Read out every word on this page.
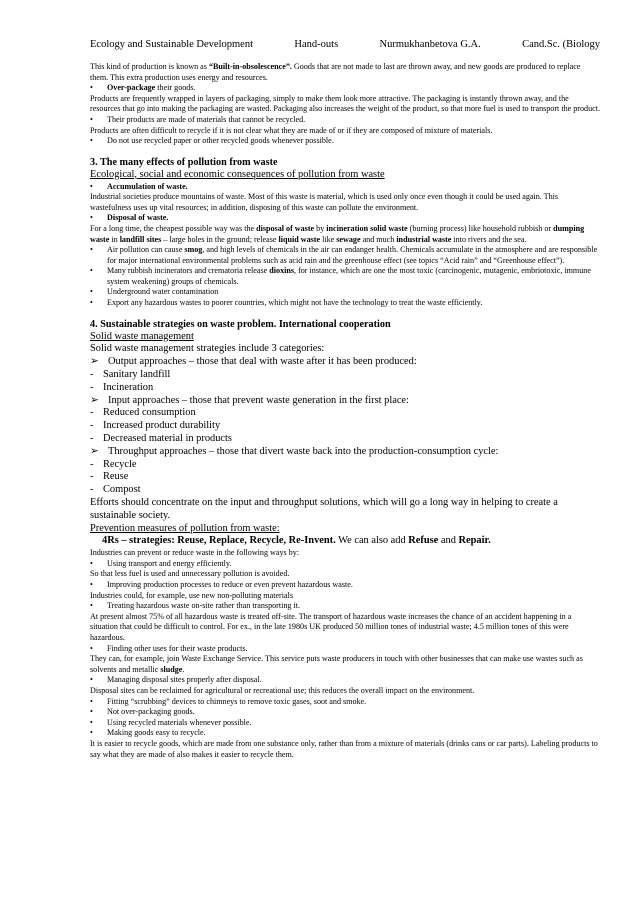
Ecology and Sustainable Development	Hand-outs	Nurmukhanbetova G.A.	Cand.Sc. (Biology

This kind of production is known as “Built-in-obsolescence”. Goods that are not made to last are thrown away, and new goods are produced to replace them. This extra production uses energy and resources.

•	Over-package their goods.

Products are frequently wrapped in layers of packaging, simply to make them look more attractive. The packaging is instantly thrown away, and the resources that go into making the packaging are wasted. Packaging also increases the weight of the product, so that more fuel is used to transport the product.

•	Their products are made of materials that cannot be recycled.

Products are often difficult to recycle if it is not clear what they are made of or if they are composed of mixture of materials.

•	Do not use recycled paper or other recycled goods whenever possible.
3. The many effects of pollution from waste
Ecological, social and economic consequences of pollution from waste
•	Accumulation of waste.

Industrial societies produce mountains of waste. Most of this waste is material, which is used only once even though it could be used again. This wastefulness uses up vital resources; in addition, disposing of this waste can pollute the environment.

•	Disposal of waste.

For a long time, the cheapest possible way was the disposal of waste by incineration solid waste (burning process) like household rubbish or dumping waste in landfill sites – large holes in the ground; release liquid waste like sewage and much industrial waste into rivers and the sea.

•	Air pollution can cause smog, and high levels of chemicals in the air can endanger health. Chemicals accumulate in the atmosphere and are responsible for major international environmental problems such as acid rain and the greenhouse effect (see topics “Acid rain” and “Greenhouse effect”).
•	Many rubbish incinerators and crematoria release dioxins, for instance, which are one the most toxic (carcinogenic, mutagenic, embriotoxic, immune system weakening) groups of chemicals.
•	Underground water contamination
•	Export any hazardous wastes to poorer countries, which might not have the technology to treat the waste efficiently.
4. Sustainable strategies on waste problem. International cooperation
Solid waste management

Solid waste management strategies include 3 categories:

➢ Output approaches – those that deal with waste after it has been produced:
- Sanitary landfill
- Incineration
➢ Input approaches – those that prevent waste generation in the first place:
- Reduced consumption
- Increased product durability
- Decreased material in products
➢ Throughput approaches – those that divert waste back into the production-consumption cycle:
- Recycle
- Reuse
- Compost

Efforts should concentrate on the input and throughput solutions, which will go a long way in helping to create a sustainable society.

Prevention measures of pollution from waste:

4Rs – strategies: Reuse, Replace, Recycle, Re-Invent. We can also add Refuse and Repair.

Industries can prevent or reduce waste in the following ways by:

•	Using transport and energy efficiently.

So that less fuel is used and unnecessary pollution is avoided.

•	Improving production processes to reduce or even prevent hazardous waste.

Industries could, for example, use new non-polluting materials

•	Treating hazardous waste on-site rather than transporting it.

At present almost 75% of all hazardous waste is treated off-site. The transport of hazardous waste increases the chance of an accident happening in a situation that could be difficult to control. For ex., in the late 1980s UK produced 50 million tones of industrial waste; 4.5 million tones of this were hazardous.

•	Finding other uses for their waste products.

They can, for example, join Waste Exchange Service. This service puts waste producers in touch with other businesses that can make use wastes such as solvents and metallic sludge.

•	Managing disposal sites properly after disposal.

Disposal sites can be reclaimed for agricultural or recreational use; this reduces the overall impact on the environment.

•	Fitting “scrubbing” devices to chimneys to remove toxic gases, soot and smoke.
•	Not over-packaging goods.
•	Using recycled materials whenever possible.
•	Making goods easy to recycle.

It is easier to recycle goods, which are made from one substance only, rather than from a mixture of materials (drinks cans or car parts). Labeling products to say what they are made of also makes it easier to recycle them.
